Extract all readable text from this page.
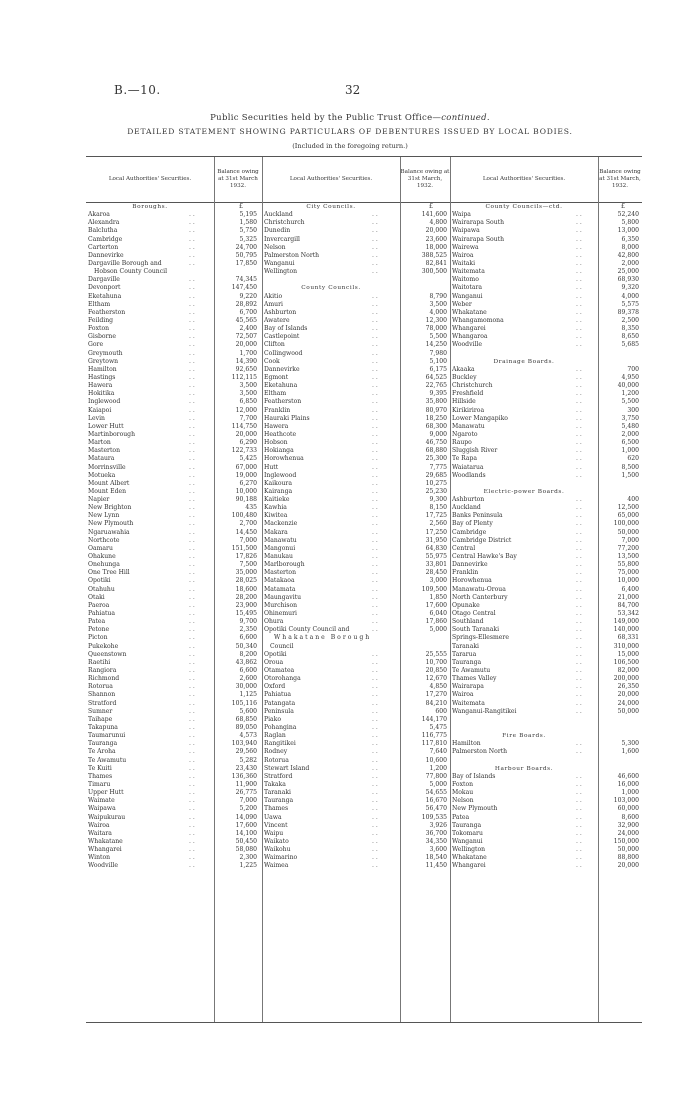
B.—10.	32
Public Securities held by the Public Trust Office—continued.
DETAILED STATEMENT SHOWING PARTICULARS OF DEBENTURES ISSUED BY LOCAL BODIES.
(Included in the foregoing return.)
Local Authorities' Securities.
Balance owing at 31st March 1932.
Local Authorities' Securities.
Balance owing at 31st March, 1932.
Local Authorities' Securities.
Balance owing at 31st March, 1932.
Boroughs.	£
Akaroa	. .	5,195
Alexandra	. .	1,580
Balclutha	. .	5,750
Cambridge	. .	5,325
Carterton	. .	24,700
Dannevirke	. .	50,795
Dargaville Borough and	. .	17,850
Hobson County Council
Dargaville	. .	74,345
Devonport	. .	147,450
Eketahuna	. .	9,220
Eltham	. .	28,892
Featherston	. .	6,700
Feilding	. .	45,565
Foxton	. .	2,400
Gisborne	. .	72,507
Gore	. .	20,000
Greymouth	. .	1,700
Greytown	. .	14,390
Hamilton	. .	92,650
Hastings	. .	112,115
Hawera	. .	3,500
Hokitika	. .	3,500
Inglewood	. .	6,850
Kaiapoi	. .	12,000
Levin	. .	7,700
Lower Hutt	. .	114,750
Martinborough	. .	20,000
Marton	. .	6,290
Masterton	. .	122,733
Mataura	. .	5,425
Morrinsville	. .	67,000
Motueka	. .	19,000
Mount Albert	. .	6,270
Mount Eden	. .	10,000
Napier	. .	90,188
New Brighton	. .	435
New Lynn	. .	100,480
New Plymouth	. .	2,700
Ngaruawahia	. .	14,450
Northcote	. .	7,000
Oamaru	. .	151,500
Ohakune	. .	17,826
Onehunga	. .	7,500
One Tree Hill	. .	35,000
Opotiki	. .	28,025
Otahuhu	. .	18,600
Otaki	. .	28,200
Paeroa	. .	23,900
Pahiatua	. .	15,495
Patea	. .	9,700
Petone	. .	2,350
Picton	. .	6,600
Pukekohe	. .	50,340
Queenstown	. .	8,200
Raetihi	. .	43,862
Rangiora	. .	6,600
Richmond	. .	2,600
Rotorua	. .	30,000
Shannon	. .	1,125
Stratford	. .	105,116
Sumner	. .	5,600
Taihape	. .	68,850
Takapuna	. .	89,050
Taumarunui	. .	4,573
Tauranga	. .	103,940
Te Aroha	. .	29,560
Te Awamutu	. .	5,282
Te Kuiti	. .	23,430
Thames	. .	136,360
Timaru	. .	11,900
Upper Hutt	. .	26,775
Waimate	. .	7,000
Waipawa	. .	5,200
Waipukurau	. .	14,090
Wairoa	. .	17,600
Waitara	. .	14,100
Whakatane	. .	50,450
Whangarei	. .	58,080
Winton	. .	2,300
Woodville	. .	1,225
City Councils.	£
Auckland	. .	141,600
Christchurch	. .	4,800
Dunedin	. .	20,000
Invercargill	. .	23,600
Nelson	. .	18,000
Palmerston North	. .	388,525
Wanganui	. .	82,841
Wellington	. .	300,500
County Councils.
Akitio	. .	8,790
Amuri	. .	3,500
Ashburton	. .	4,000
Awatere	. .	12,300
Bay of Islands	. .	78,000
Castlepoint	. .	5,500
Clifton	. .	14,250
Collingwood	. .	7,980
Cook	. .	5,100
Dannevirke	. .	6,175
Egmont	. .	64,525
Eketahuna	. .	22,765
Eltham	. .	9,395
Featherston	. .	35,800
Franklin	. .	80,970
Hauraki Plains	. .	18,250
Hawera	. .	68,300
Heathcote	. .	9,000
Hobson	. .	46,750
Hokianga	. .	68,880
Horowhenua	. .	25,300
Hutt	. .	7,775
Inglewood	. .	29,685
Kaikoura	. .	10,275
Kairanga	. .	25,230
Kaitieke	. .	9,300
Kawhia	. .	8,150
Kiwitea	. .	17,725
Mackenzie	. .	2,560
Makara	. .	17,250
Manawatu	. .	31,950
Mangonui	. .	64,830
Manukau	. .	55,975
Marlborough	. .	33,801
Masterton	. .	28,450
Matakaoa	. .	3,000
Matamata	. .	109,500
Maungavitu	. .	1,850
Murchison	. .	17,600
Ohinemuri	. .	6,040
Ohura	. .	17,860
Opotiki County Council and	. .	5,000
Whakatane Borough
Council
Opotiki	. .	25,555
Oroua	. .	10,700
Otamatea	. .	20,850
Otorohanga	. .	12,670
Oxford	. .	4,850
Pahiatua	. .	17,270
Patangata	. .	84,210
Peninsula	. .	600
Piako	. .	144,170
Pohangina	. .	5,475
Raglan	. .	116,775
Rangitikei	. .	117,810
Rodney	. .	7,640
Rotorua	. .	10,600
Stewart Island	. .	1,200
Stratford	. .	77,800
Takaka	. .	5,000
Taranaki	. .	54,655
Tauranga	. .	16,670
Thames	. .	56,470
Uawa	. .	109,535
Vincent	. .	3,926
Waipu	. .	36,700
Waikato	. .	34,350
Waikohu	. .	3,600
Waimarino	. .	18,540
Waimea	. .	11,450
County Councils—ctd.	£
Waipa	. .	52,240
Wairarapa South	. .	5,800
Waipawa	. .	13,000
Wairarapa South	. .	6,350
Wairewa	. .	8,000
Wairoa	. .	42,800
Waitaki	. .	2,000
Waitemata	. .	25,000
Waitomo	. .	68,930
Waitotara	. .	9,320
Wanganui	. .	4,000
Weber	. .	5,575
Whakatane	. .	89,378
Whangamomona	. .	2,500
Whangarei	. .	8,350
Whangaroa	. .	8,650
Woodville	. .	5,685
Drainage Boards.
Akaaka	. .	700
Buckley	. .	4,950
Christchurch	. .	40,000
Freshfield	. .	1,200
Hillside	. .	5,500
Kirikiriroa	. .	300
Lower Mangapiko	. .	3,750
Manawatu	. .	5,480
Ngaroto	. .	2,000
Raupo	. .	6,500
Sluggish River	. .	1,000
Te Rapa	. .	620
Waiatarua	. .	8,500
Woodlands	. .	1,500
Electric-power Boards.
Ashburton	. .	400
Auckland	. .	12,500
Banks Peninsula	. .	65,000
Bay of Plenty	. .	100,000
Cambridge	. .	50,000
Cambridge District	. .	7,000
Central	. .	77,200
Central Hawke's Bay	. .	13,500
Dannevirke	. .	55,800
Franklin	. .	75,000
Horowhenua	. .	10,000
Manawatu-Oroua	. .	6,400
North Canterbury	. .	21,000
Opunake	. .	84,700
Otago Central	. .	53,342
Southland	. .	149,000
South Taranaki	. .	140,000
Springs-Ellesmere	. .	68,331
Taranaki	. .	310,000
Tararua	. .	15,000
Tauranga	. .	106,500
Te Awamutu	. .	82,000
Thames Valley	. .	200,000
Wairarapa	. .	26,350
Wairoa	. .	20,000
Waitemata	. .	24,000
Wanganui-Rangitikei	. .	50,000
Fire Boards.
Hamilton	. .	5,300
Palmerston North	. .	1,600
Harbour Boards.
Bay of Islands	. .	46,600
Foxton	. .	16,000
Mokau	. .	1,000
Nelson	. .	103,000
New Plymouth	. .	60,000
Patea	. .	8,600
Tauranga	. .	32,900
Tokomaru	. .	24,000
Wanganui	. .	150,000
Wellington	. .	50,000
Whakatane	. .	88,800
Whangarei	. .	20,000
